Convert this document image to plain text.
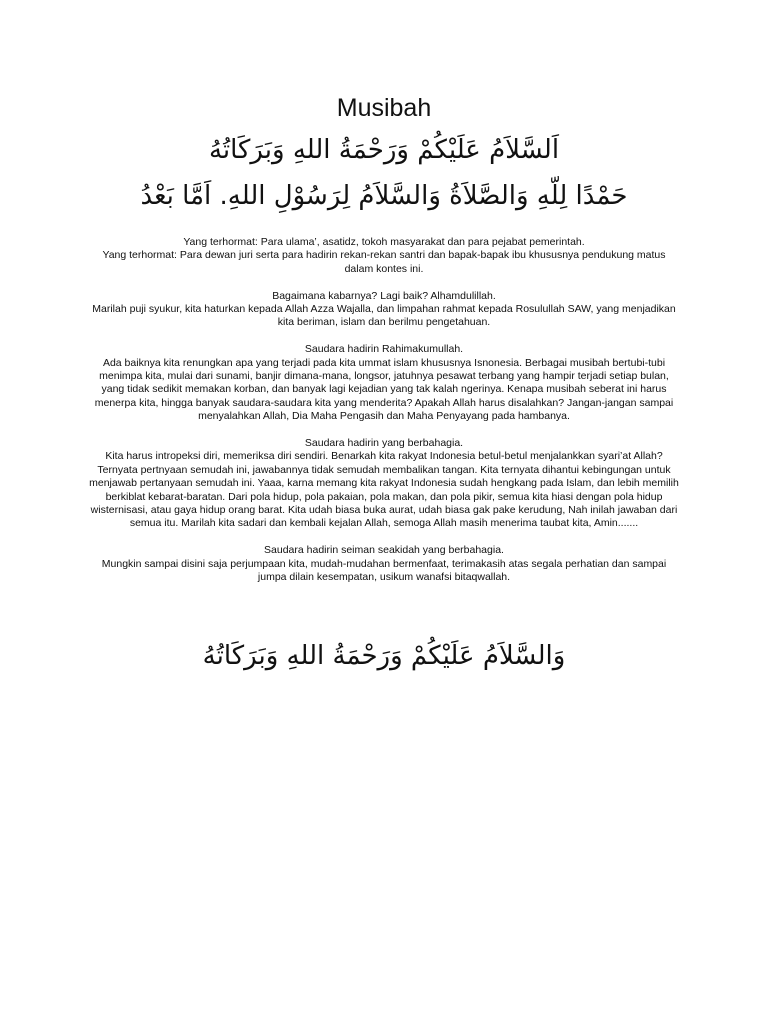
Musibah
اَلسَّلاَمُ عَلَيْكُمْ وَرَحْمَةُ اللهِ وَبَرَكَاتُهُ
حَمْدًا لِلّهِ وَالصَّلاَةُ وَالسَّلاَمُ لِرَسُوْلِ اللهِ. اَمَّا بَعْدُ
Yang terhormat: Para ulama’, asatidz, tokoh masyarakat dan para pejabat pemerintah.
Yang terhormat: Para dewan juri serta para hadirin rekan-rekan santri dan bapak-bapak ibu khususnya pendukung matus dalam kontes ini.
Bagaimana kabarnya? Lagi baik? Alhamdulillah.
Marilah puji syukur, kita haturkan kepada Allah Azza Wajalla, dan limpahan rahmat kepada Rosulullah SAW, yang menjadikan kita beriman, islam dan berilmu pengetahuan.
Saudara hadirin Rahimakumullah.
Ada baiknya kita renungkan apa yang terjadi pada kita ummat islam khususnya Isnonesia. Berbagai musibah bertubi-tubi menimpa kita, mulai dari sunami, banjir dimana-mana, longsor, jatuhnya pesawat terbang yang hampir terjadi setiap bulan, yang tidak sedikit memakan korban, dan banyak lagi kejadian yang tak kalah ngerinya. Kenapa musibah seberat ini harus menerpa kita, hingga banyak saudara-saudara kita yang menderita? Apakah Allah harus disalahkan? Jangan-jangan sampai menyalahkan Allah, Dia Maha Pengasih dan Maha Penyayang pada hambanya.
Saudara hadirin yang berbahagia.
Kita harus intropeksi diri, memeriksa diri sendiri. Benarkah kita rakyat Indonesia betul-betul menjalankkan syari’at Allah? Ternyata pertnyaan semudah ini, jawabannya tidak semudah membalikan tangan. Kita ternyata dihantui kebingungan untuk menjawab pertanyaan semudah ini. Yaaa, karna memang kita rakyat Indonesia sudah hengkang pada Islam, dan lebih memilih berkiblat kebarat-baratan. Dari pola hidup, pola pakaian, pola makan, dan pola pikir, semua kita hiasi dengan pola hidup wisternisasi, atau gaya hidup orang barat. Kita udah biasa buka aurat, udah biasa gak pake kerudung, Nah inilah jawaban dari semua itu. Marilah kita sadari dan kembali kejalan Allah, semoga Allah masih menerima taubat kita, Amin.......
Saudara hadirin seiman seakidah yang berbahagia.
Mungkin sampai disini saja perjumpaan kita, mudah-mudahan bermenfaat, terimakasih atas segala perhatian dan sampai jumpa dilain kesempatan, usikum wanafsi bitaqwallah.
وَالسَّلاَمُ عَلَيْكُمْ وَرَحْمَةُ اللهِ وَبَرَكَاتُهُ
